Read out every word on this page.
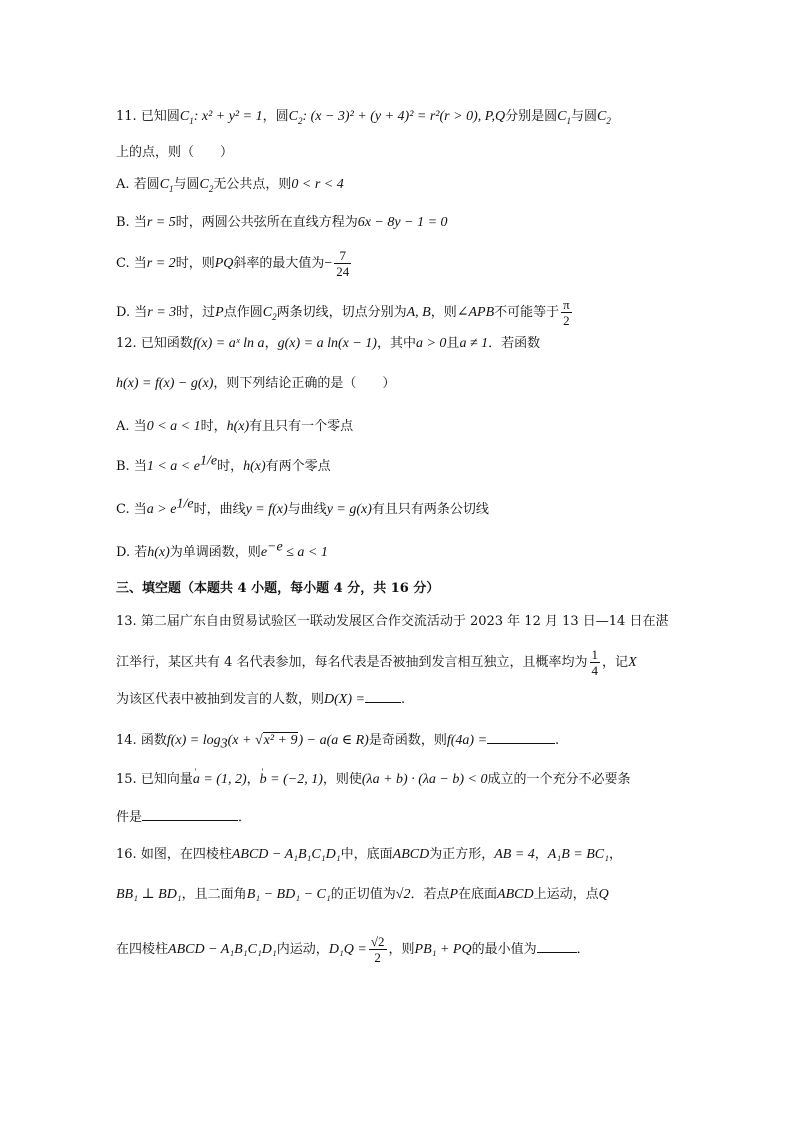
11. 已知圆$C_1$: x² + y² = 1，圆$C_2$: (x − 3)² + (y + 4)² = r²(r > 0), P,Q分别是圆$C_1$与圆$C_2$
上的点，则（　　）
A. 若圆$C_1$与圆$C_2$无公共点，则0 < r < 4
B. 当r = 5时，两圆公共弦所在直线方程为6x − 8y − 1 = 0
C. 当r = 2时，则PQ斜率的最大值为− $\frac{7}{24}$
D. 当r = 3时，过P点作圆$C_2$两条切线，切点分别为A, B，则∠APB不可能等于 $\frac{\pi}{2}$
12. 已知函数f(x) = aˣ ln a，g(x) = a ln(x − 1)，其中a > 0且a ≠ 1．若函数
h(x) = f(x) − g(x)，则下列结论正确的是（　　）
A. 当0 < a < 1时，h(x)有且只有一个零点
B. 当$1 < a < e^{1/e}$时，h(x)有两个零点
C. 当$a > e^{1/e}$时，曲线y = f(x)与曲线y = g(x)有且只有两条公切线
D. 若h(x)为单调函数，则$e^{-e} \le a < 1$
三、填空题（本题共 4 小题，每小题 4 分，共 16 分）
13. 第二届广东自由贸易试验区一联动发展区合作交流活动于 2023 年 12 月 13 日—14 日在湛
江举行，某区共有 4 名代表参加，每名代表是否被抽到发言相互独立，且概率均为 $\frac{1}{4}$ ，记X
为该区代表中被抽到发言的人数，则D(X) =	.
14. 函数$f(x) = \log_3(x + √x^2 + 9) - a(a$ ∈ R)是奇函数，则f(4a) =	.
15. 已知向量' a = (1, 2)，' b = (−2, 1)，则使(λa + b) · (λa − b) < 0成立的一个充分不必要条
件是	．
16. 如图，在四棱柱ABCD − A₁B₁C₁D₁中，底面ABCD为正方形，AB = 4，A₁B = BC₁，
BB₁ ⊥ BD₁，且二面角B₁ − BD₁ − C₁的正切值为√2．若点P在底面ABCD上运动，点Q
在四棱柱ABCD − A₁B₁C₁D₁内运动，$D_1Q = \frac{√2}{2}$ ，则PB₁ + PQ的最小值为	．
